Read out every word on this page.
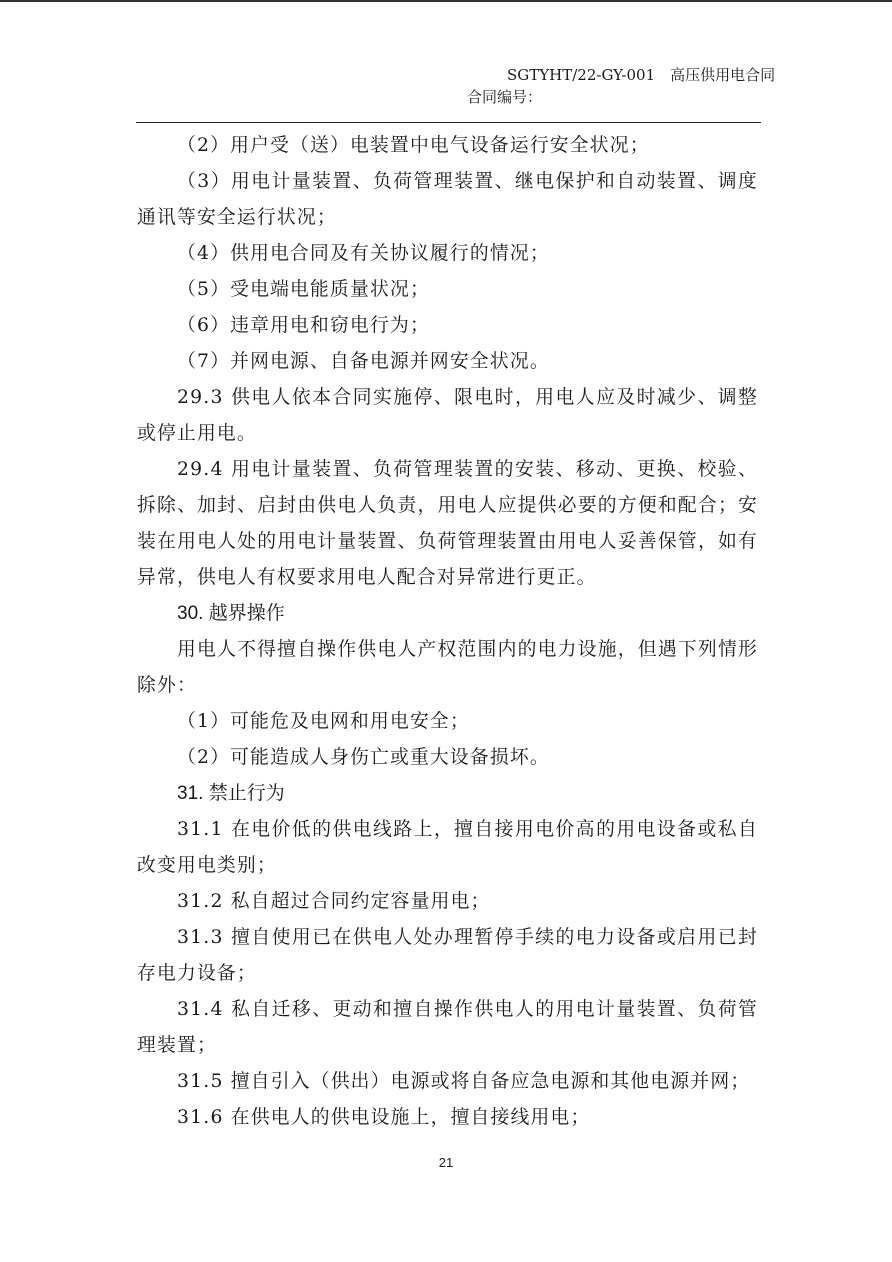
SGTYHT/22-GY-001　高压供用电合同
合同编号：

（2）用户受（送）电装置中电气设备运行安全状况；

（3）用电计量装置、负荷管理装置、继电保护和自动装置、调度通讯等安全运行状况；

（4）供用电合同及有关协议履行的情况；

（5）受电端电能质量状况；

（6）违章用电和窃电行为；

（7）并网电源、自备电源并网安全状况。

29.3 供电人依本合同实施停、限电时，用电人应及时减少、调整或停止用电。

29.4 用电计量装置、负荷管理装置的安装、移动、更换、校验、拆除、加封、启封由供电人负责，用电人应提供必要的方便和配合；安装在用电人处的用电计量装置、负荷管理装置由用电人妥善保管，如有异常，供电人有权要求用电人配合对异常进行更正。

30. 越界操作

用电人不得擅自操作供电人产权范围内的电力设施，但遇下列情形除外：

（1）可能危及电网和用电安全；

（2）可能造成人身伤亡或重大设备损坏。

31. 禁止行为

31.1 在电价低的供电线路上，擅自接用电价高的用电设备或私自改变用电类别；

31.2 私自超过合同约定容量用电；

31.3 擅自使用已在供电人处办理暂停手续的电力设备或启用已封存电力设备；

31.4 私自迁移、更动和擅自操作供电人的用电计量装置、负荷管理装置；

31.5 擅自引入（供出）电源或将自备应急电源和其他电源并网；

31.6 在供电人的供电设施上，擅自接线用电；

21
